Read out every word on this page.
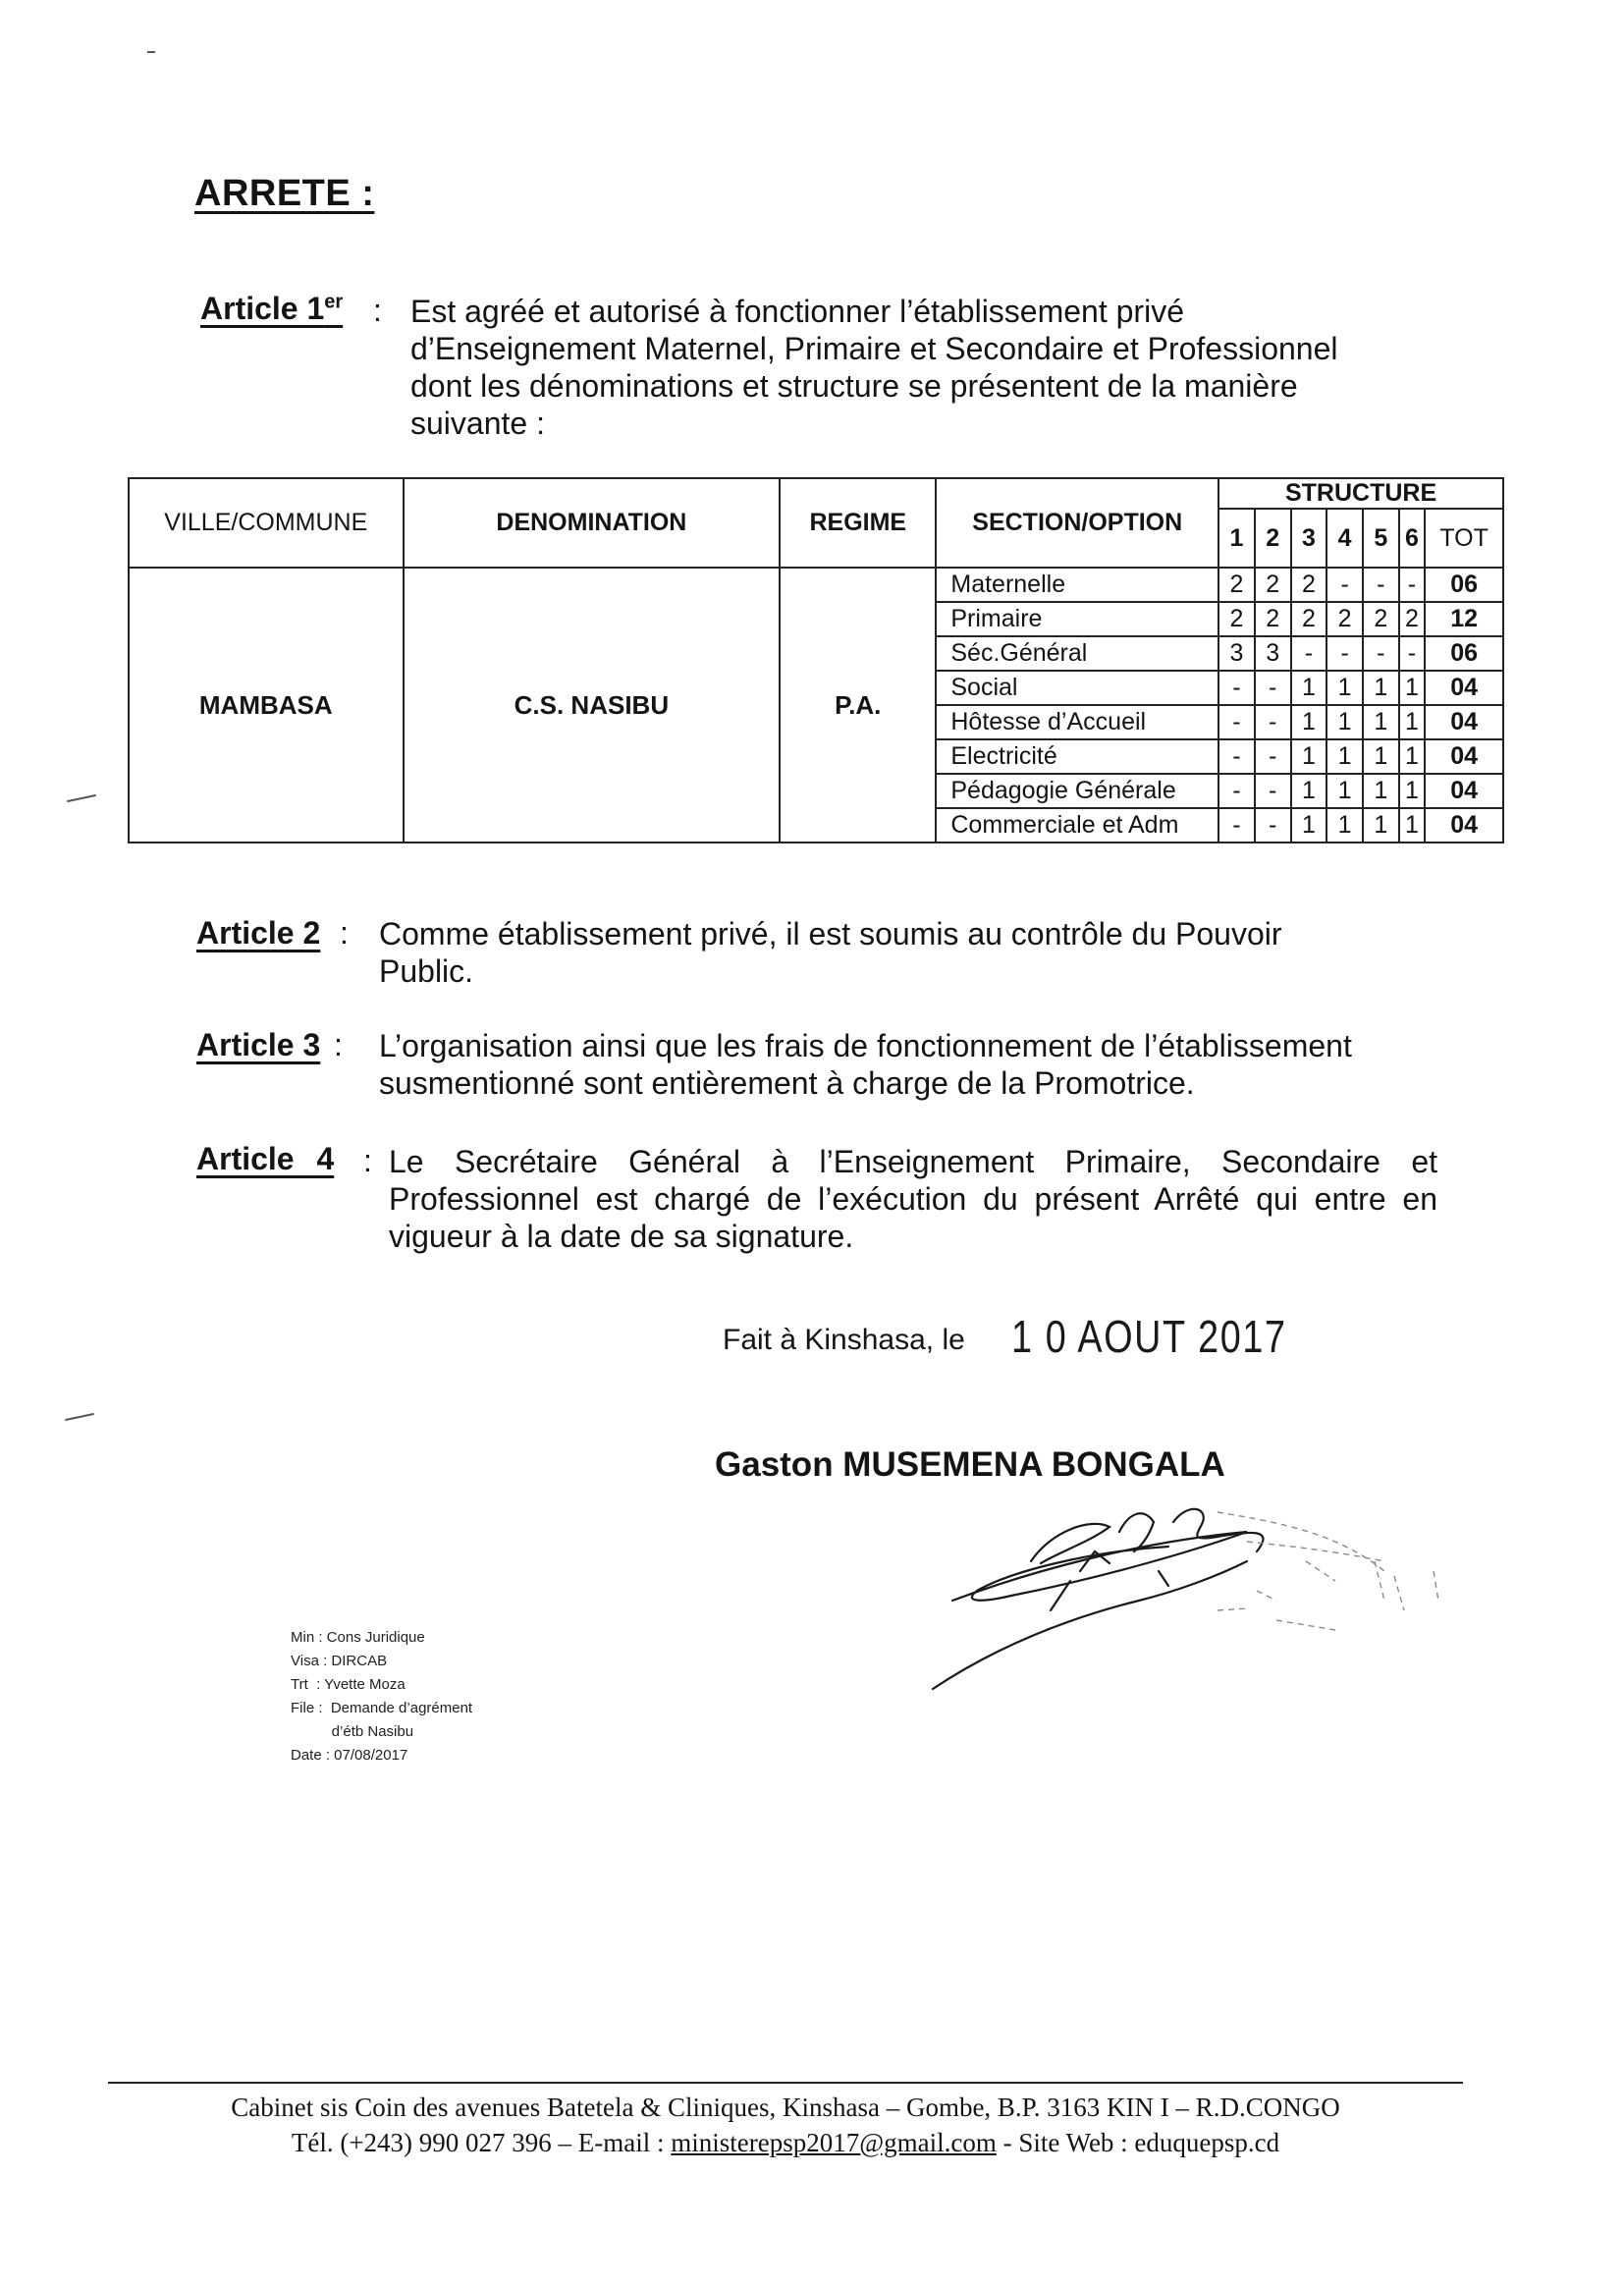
ARRETE :
Article 1er : Est agréé et autorisé à fonctionner l’établissement privé
d’Enseignement Maternel, Primaire et Secondaire et Professionnel
dont les dénominations et structure se présentent de la manière
suivante :
VILLE/COMMUNE	DENOMINATION	REGIME	SECTION/OPTION	STRUCTURE						
				1	2	3	4	5	6	TOT
MAMBASA	C.S. NASIBU	P.A.	Maternelle	2	2	2	-	-	-	06
			Primaire	2	2	2	2	2	2	12
			Séc.Général	3	3	-	-	-	-	06
			Social	-	-	1	1	1	1	04
			Hôtesse d’Accueil	-	-	1	1	1	1	04
			Electricité	-	-	1	1	1	1	04
			Pédagogie Générale	-	-	1	1	1	1	04
			Commerciale et Adm	-	-	1	1	1	1	04
Article 2 : Comme établissement privé, il est soumis au contrôle du Pouvoir
Public.
Article 3 : L’organisation ainsi que les frais de fonctionnement de l’établissement
susmentionné sont entièrement à charge de la Promotrice.
Article 4 : Le Secrétaire Général à l’Enseignement Primaire, Secondaire et
Professionnel est chargé de l’exécution du présent Arrêté qui entre en
vigueur à la date de sa signature.
Fait à Kinshasa, le 1 0 AOUT 2017
Gaston MUSEMENA BONGALA
Min : Cons Juridique
Visa : DIRCAB
Trt  : Yvette Moza
File :  Demande d’agrément
d’étb Nasibu
Date : 07/08/2017
Cabinet sis Coin des avenues Batetela & Cliniques, Kinshasa – Gombe, B.P. 3163 KIN I – R.D.CONGO
Tél. (+243) 990 027 396 – E-mail : ministerepsp2017@gmail.com - Site Web : eduquepsp.cd
